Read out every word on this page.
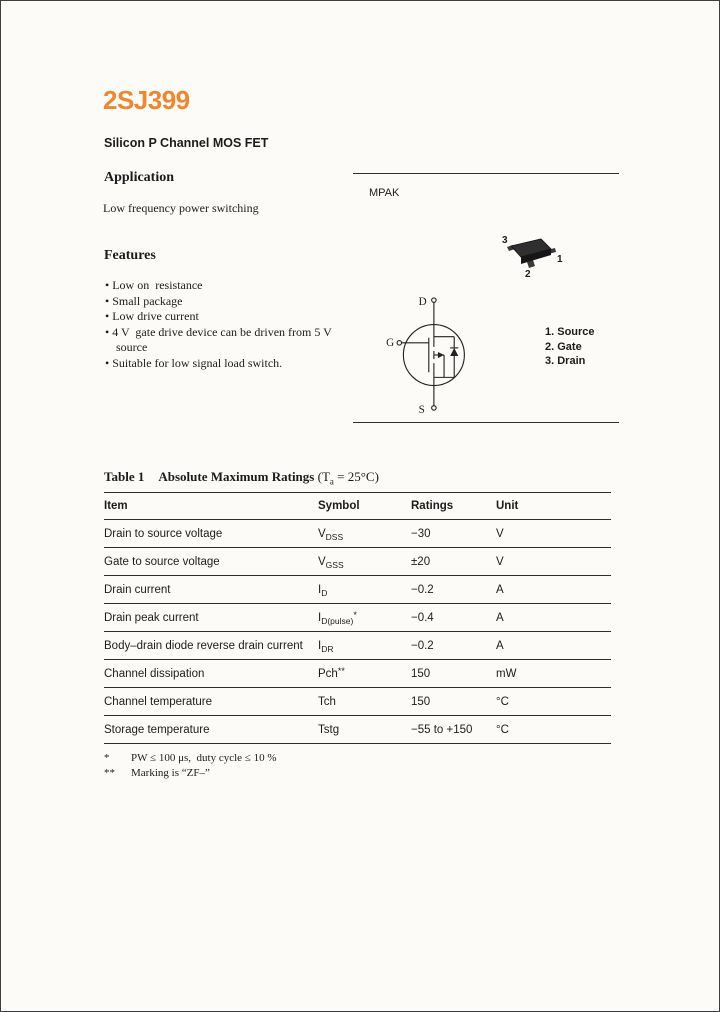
2SJ399
Silicon P Channel MOS FET
Application
Low frequency power switching
Features
• Low on  resistance
• Small package
• Low drive current
• 4 V  gate drive device can be driven from 5 V  source
• Suitable for low signal load switch.
MPAK
3
1
2
D
G
S
1. Source
2. Gate
3. Drain
Table 1 Absolute Maximum Ratings $(T_a = 25^\circ C)$
Item	Symbol	Ratings	Unit
Drain to source voltage	$V_{DSS}$	−30	V
Gate to source voltage	$V_{GSS}$	±20	V
Drain current	$I_D$	−0.2	A
Drain peak current	$I_{D(pulse)}^*$	−0.4	A
Body–drain diode reverse drain current	$I_{DR}$	−0.2	A
Channel dissipation	Pch**	150	mW
Channel temperature	Tch	150	°C
Storage temperature	Tstg	−55 to +150	°C
* PW ≤ 100 μs,  duty cycle ≤ 10 %
** Marking is “ZF–”
